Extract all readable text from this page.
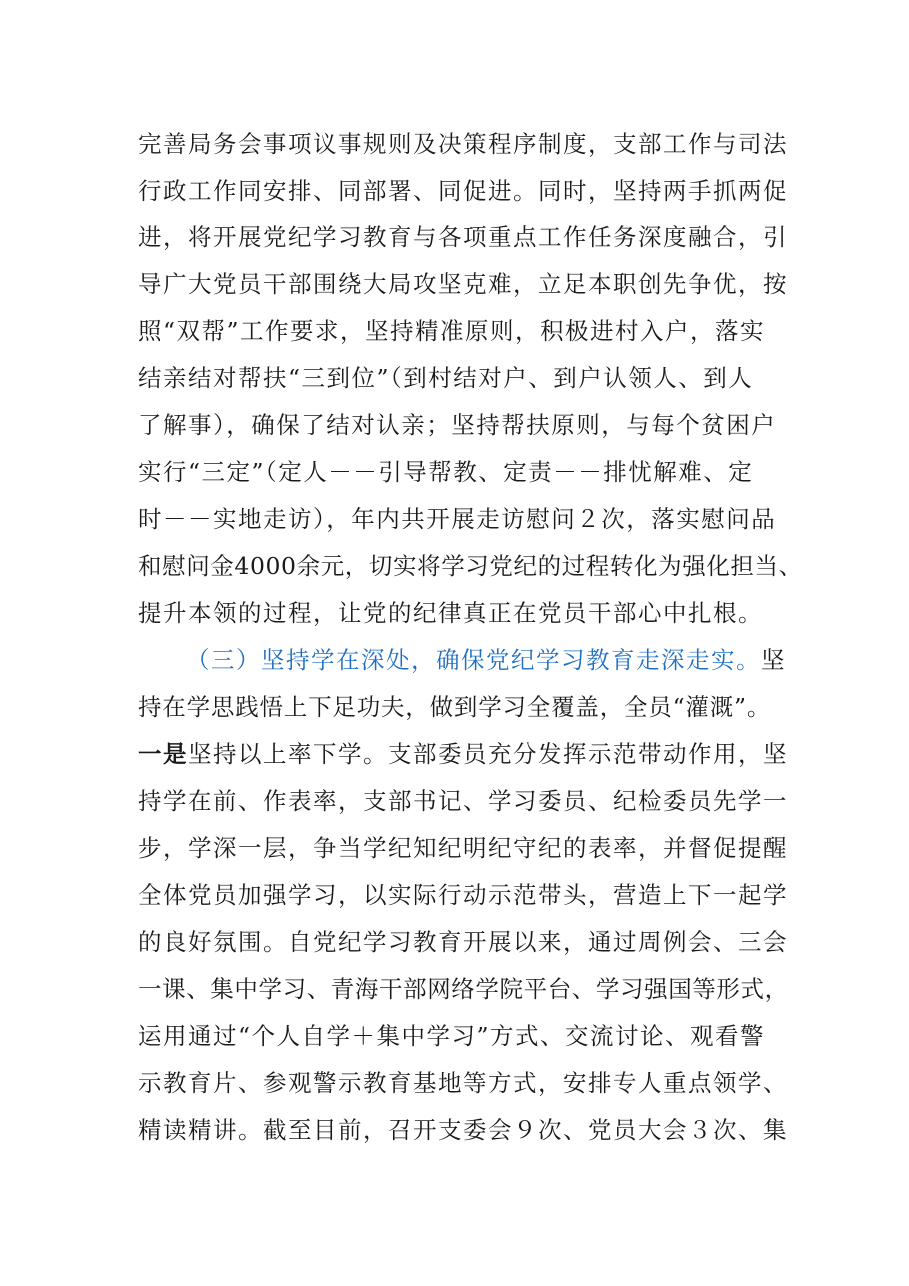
完善局务会事项议事规则及决策程序制度，支部工作与司法
行政工作同安排、同部署、同促进。同时，坚持两手抓两促
进，将开展党纪学习教育与各项重点工作任务深度融合，引
导广大党员干部围绕大局攻坚克难，立足本职创先争优，按
照“双帮”工作要求，坚持精准原则，积极进村入户，落实
结亲结对帮扶“三到位”（到村结对户、到户认领人、到人
了解事），确保了结对认亲；坚持帮扶原则，与每个贫困户
实行“三定”（定人－－引导帮教、定责－－排忧解难、定
时－－实地走访），年内共开展走访慰问２次，落实慰问品
和慰问金4000余元，切实将学习党纪的过程转化为强化担当、
提升本领的过程，让党的纪律真正在党员干部心中扎根。
（三）坚持学在深处，确保党纪学习教育走深走实。坚
持在学思践悟上下足功夫，做到学习全覆盖，全员“灌溉”。
一是坚持以上率下学。支部委员充分发挥示范带动作用，坚
持学在前、作表率，支部书记、学习委员、纪检委员先学一
步，学深一层，争当学纪知纪明纪守纪的表率，并督促提醒
全体党员加强学习，以实际行动示范带头，营造上下一起学
的良好氛围。自党纪学习教育开展以来，通过周例会、三会
一课、集中学习、青海干部网络学院平台、学习强国等形式，
运用通过“个人自学＋集中学习”方式、交流讨论、观看警
示教育片、参观警示教育基地等方式，安排专人重点领学、
精读精讲。截至目前，召开支委会９次、党员大会３次、集
